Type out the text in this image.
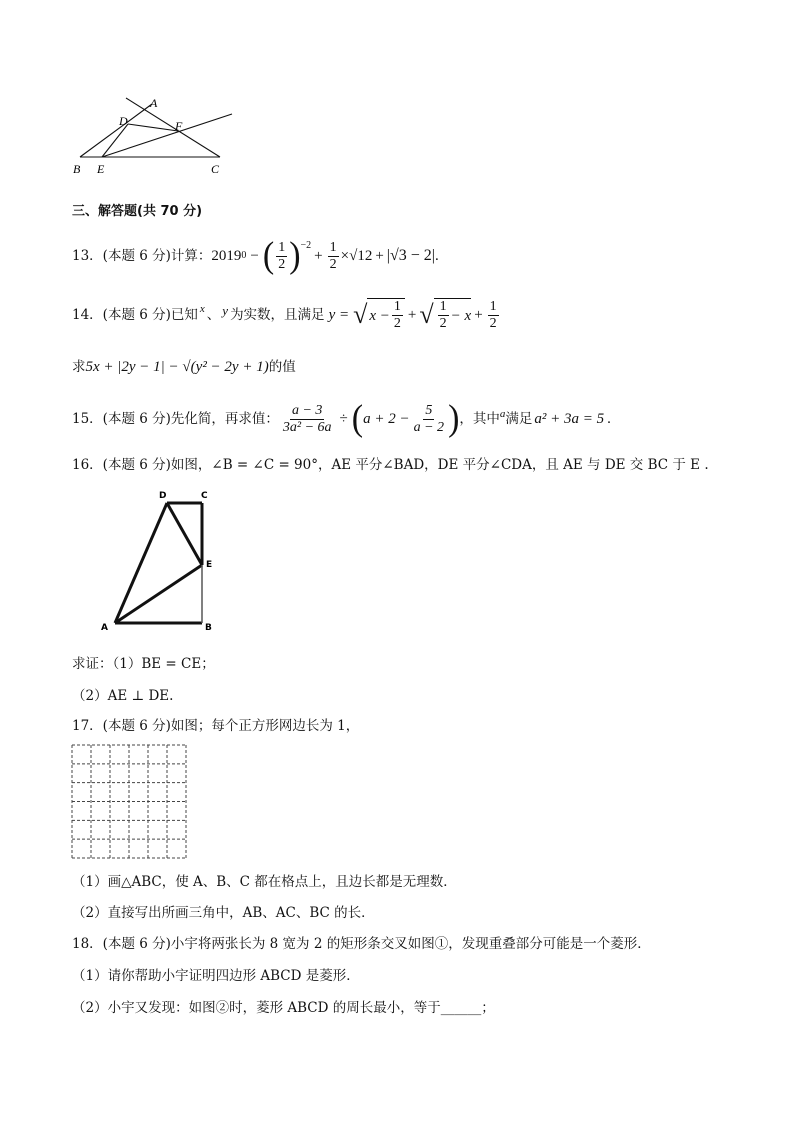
A
D	F
B E	C
三、解答题(共 70 分)
13．(本题 6 分)计算： 2019 0 − ( $\frac{1}{2} )^{-2}$
+ $\frac{1}{2} \times √12 + |√3 - 2|$ .
14．(本题 6 分)已知 x 、 y 为实数，且满足 y = √ $x - \frac{1}{2}$ + √ $\frac{1}{2} - x + \frac{1}{2}$
求 5x + |2y − 1| − √(y² − 2y + 1) 的值
15．(本题 6 分)先化简，再求值： $\frac{a - 3}{\text{3a² − 6a}}$ ÷ ( $a + 2 - \frac{5}{a - 2}$ ) ，其中 a 满足 a² + 3a = 5 .
16．(本题 6 分)如图，∠B = ∠C = 90°，AE 平分∠BAD，DE 平分∠CDA，且 AE 与 DE 交 BC 于 E .
D	C
E
A	B
求证：（1）BE = CE；
（2）AE ⊥ DE.
17．(本题 6 分)如图；每个正方形网边长为 1，
（1）画△ABC，使 A、B、C 都在格点上，且边长都是无理数．
（2）直接写出所画三角中，AB、AC、BC 的长．
18．(本题 6 分)小宇将两张长为 8 宽为 2 的矩形条交叉如图①，发现重叠部分可能是一个菱形．
（1）请你帮助小宇证明四边形 ABCD 是菱形．
（2）小宇又发现：如图②时，菱形 ABCD 的周长最小，等于______；
